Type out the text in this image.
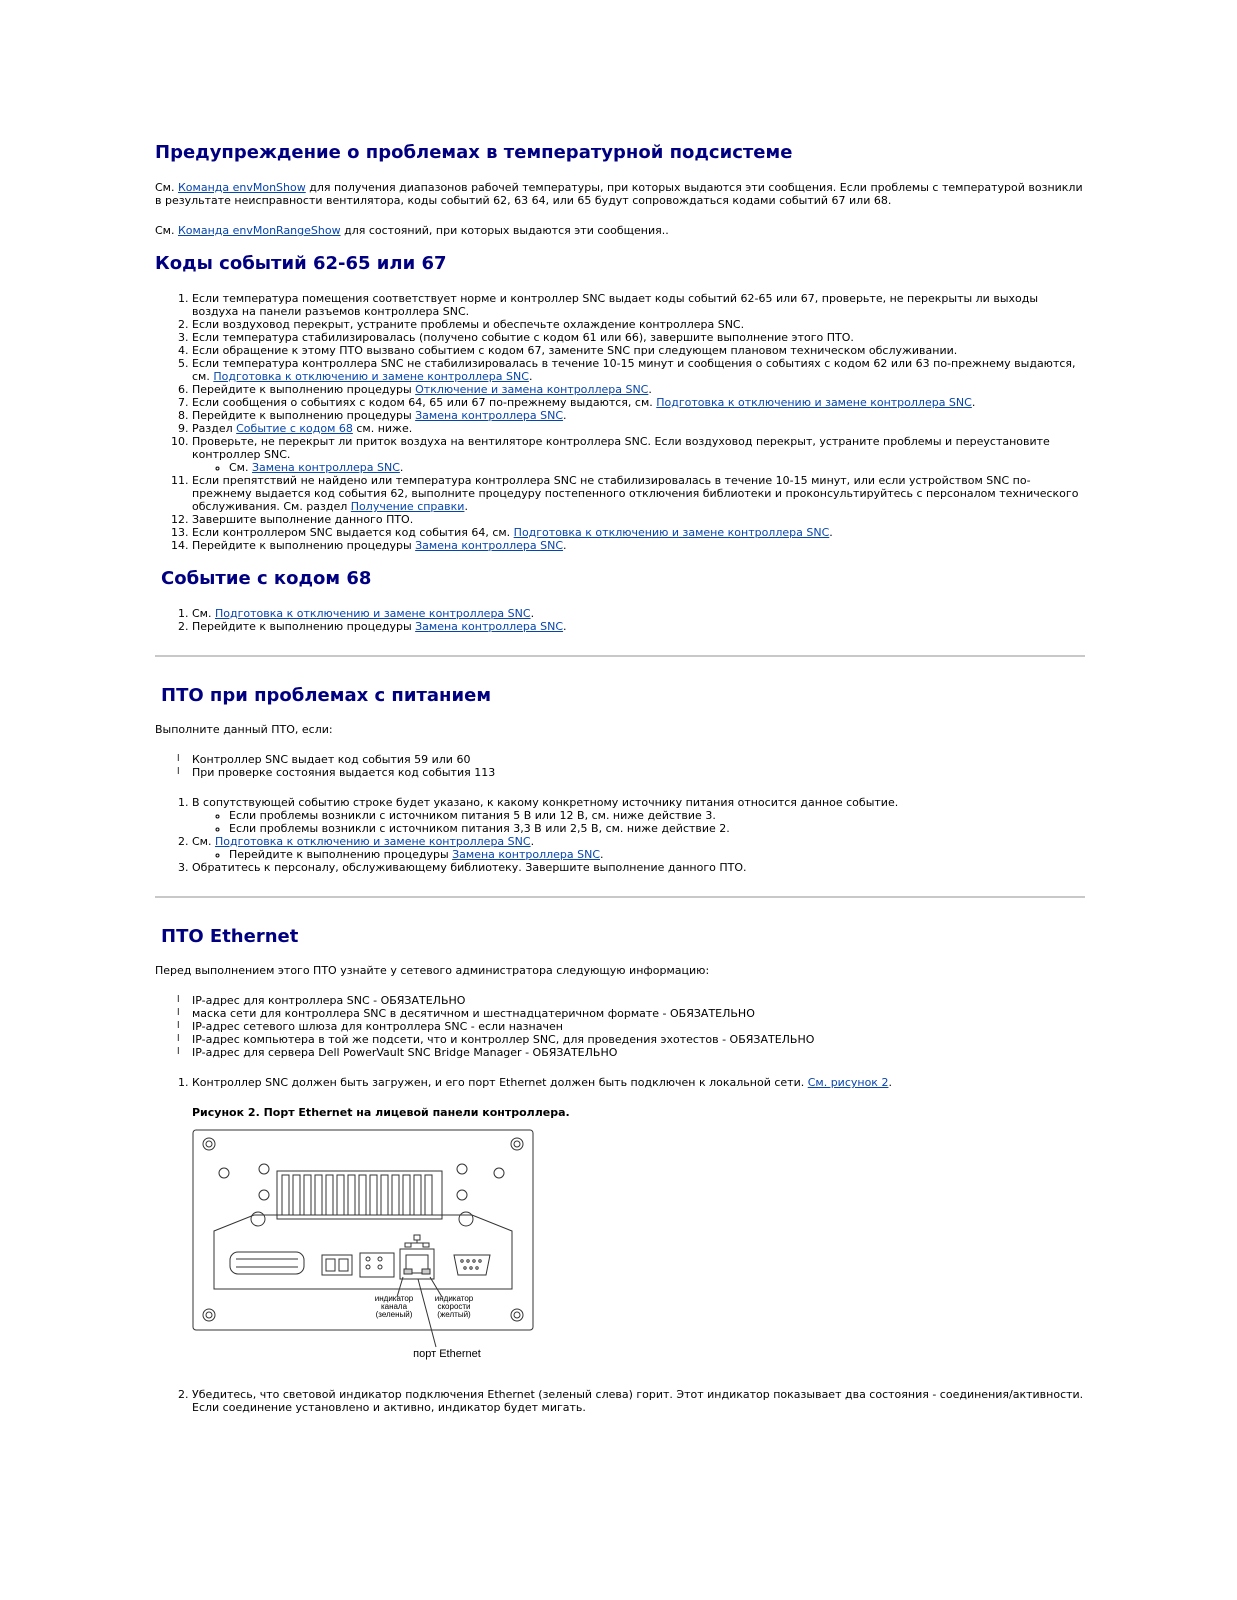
Предупреждение о проблемах в температурной подсистеме

См. Команда envMonShow для получения диапазонов рабочей температуры, при которых выдаются эти сообщения. Если проблемы с температурой возникли в результате неисправности вентилятора, коды событий 62, 63 64, или 65 будут сопровождаться кодами событий 67 или 68.

См. Команда envMonRangeShow для состояний, при которых выдаются эти сообщения..

Коды событий 62-65 или 67
1. Если температура помещения соответствует норме и контроллер SNC выдает коды событий 62-65 или 67, проверьте, не перекрыты ли выходы воздуха на панели разъемов контроллера SNC.
2. Если воздуховод перекрыт, устраните проблемы и обеспечьте охлаждение контроллера SNC.
3. Если температура стабилизировалась (получено событие с кодом 61 или 66), завершите выполнение этого ПТО.
4. Если обращение к этому ПТО вызвано событием с кодом 67, замените SNC при следующем плановом техническом обслуживании.
5. Если температура контроллера SNC не стабилизировалась в течение 10-15 минут и сообщения о событиях с кодом 62 или 63 по-прежнему выдаются, см. Подготовка к отключению и замене контроллера SNC.
6. Перейдите к выполнению процедуры Отключение и замена контроллера SNC.
7. Если сообщения о событиях с кодом 64, 65 или 67 по-прежнему выдаются, см. Подготовка к отключению и замене контроллера SNC.
8. Перейдите к выполнению процедуры Замена контроллера SNC.
9. Раздел Событие с кодом 68 см. ниже.
10. Проверьте, не перекрыт ли приток воздуха на вентиляторе контроллера SNC. Если воздуховод перекрыт, устраните проблемы и переустановите контроллер SNC.
◦ См. Замена контроллера SNC.
11. Если препятствий не найдено или температура контроллера SNC не стабилизировалась в течение 10-15 минут, или если устройством SNC по-прежнему выдается код события 62, выполните процедуру постепенного отключения библиотеки и проконсультируйтесь с персоналом технического обслуживания. См. раздел Получение справки.
12. Завершите выполнение данного ПТО.
13. Если контроллером SNC выдается код события 64, см. Подготовка к отключению и замене контроллера SNC.
14. Перейдите к выполнению процедуры Замена контроллера SNC.
Событие с кодом 68
1. См. Подготовка к отключению и замене контроллера SNC.
2. Перейдите к выполнению процедуры Замена контроллера SNC.
ПТО при проблемах с питанием

Выполните данный ПТО, если:

l Контроллер SNC выдает код события 59 или 60
l При проверке состояния выдается код события 113
1. В сопутствующей событию строке будет указано, к какому конкретному источнику питания относится данное событие.
◦ Если проблемы возникли с источником питания 5 В или 12 В, см. ниже действие 3.
◦ Если проблемы возникли с источником питания 3,3 В или 2,5 В, см. ниже действие 2.
2. См. Подготовка к отключению и замене контроллера SNC.
◦ Перейдите к выполнению процедуры Замена контроллера SNC.
3. Обратитесь к персоналу, обслуживающему библиотеку. Завершите выполнение данного ПТО.
ПТО Ethernet

Перед выполнением этого ПТО узнайте у сетевого администратора следующую информацию:

l IP-адрес для контроллера SNC - ОБЯЗАТЕЛЬНО
l маска сети для контроллера SNC в десятичном и шестнадцатеричном формате - ОБЯЗАТЕЛЬНО
l IP-адрес сетевого шлюза для контроллера SNC - если назначен
l IP-адрес компьютера в той же подсети, что и контроллер SNC, для проведения эхотестов - ОБЯЗАТЕЛЬНО
l IP-адрес для сервера Dell PowerVault SNC Bridge Manager - ОБЯЗАТЕЛЬНО
1. Контроллер SNC должен быть загружен, и его порт Ethernet должен быть подключен к локальной сети. См. рисунок 2.

Рисунок 2. Порт Ethernet на лицевой панели контроллера.

индикатор канала (зеленый)
индикатор скорости (желтый)
порт Ethernet
2. Убедитесь, что световой индикатор подключения Ethernet (зеленый слева) горит. Этот индикатор показывает два состояния - соединения/активности. Если соединение установлено и активно, индикатор будет мигать.
